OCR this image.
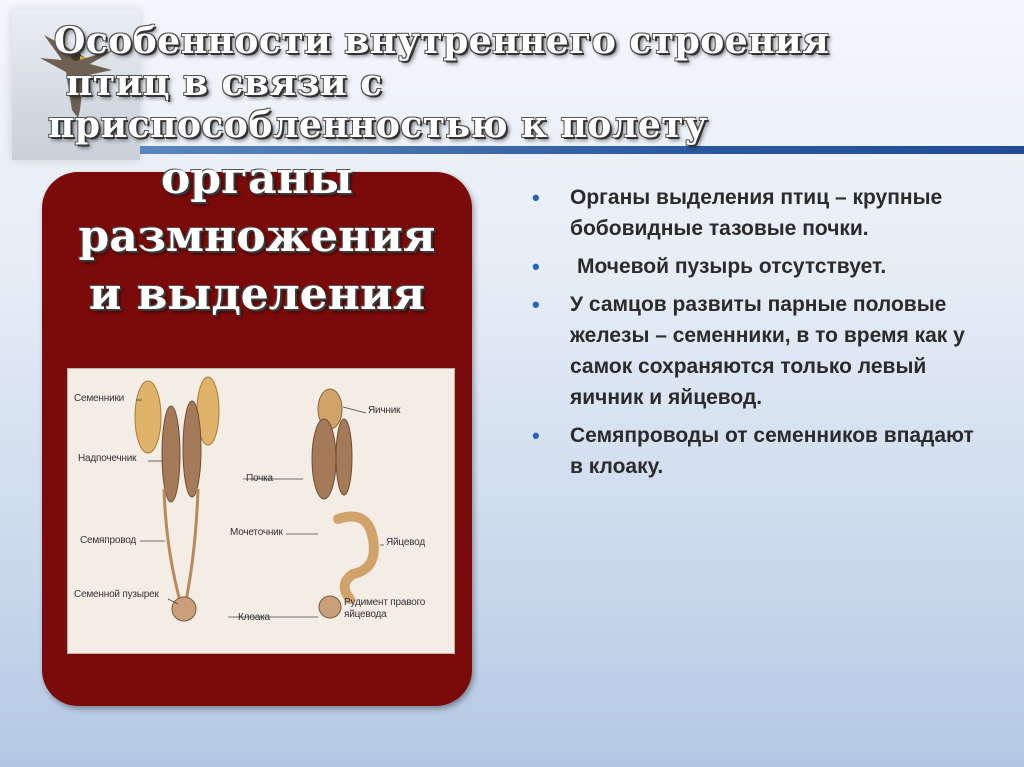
Особенности внутреннего строения
птиц в связи с
приспособленностью к полету
органы
размножения
и выделения
Семенники
Надпочечник
Почка
Семяпровод
Мочеточник
Семенной пузырек
Клоака
Яичник
Яйцевод
Рудимент правого яйцевода
• Органы выделения птиц – крупные бобовидные тазовые почки.
• Мочевой пузырь отсутствует.
• У самцов развиты парные половые железы – семенники, в то время как у самок сохраняются только левый яичник и яйцевод.
• Семяпроводы от семенников впадают в клоаку.
